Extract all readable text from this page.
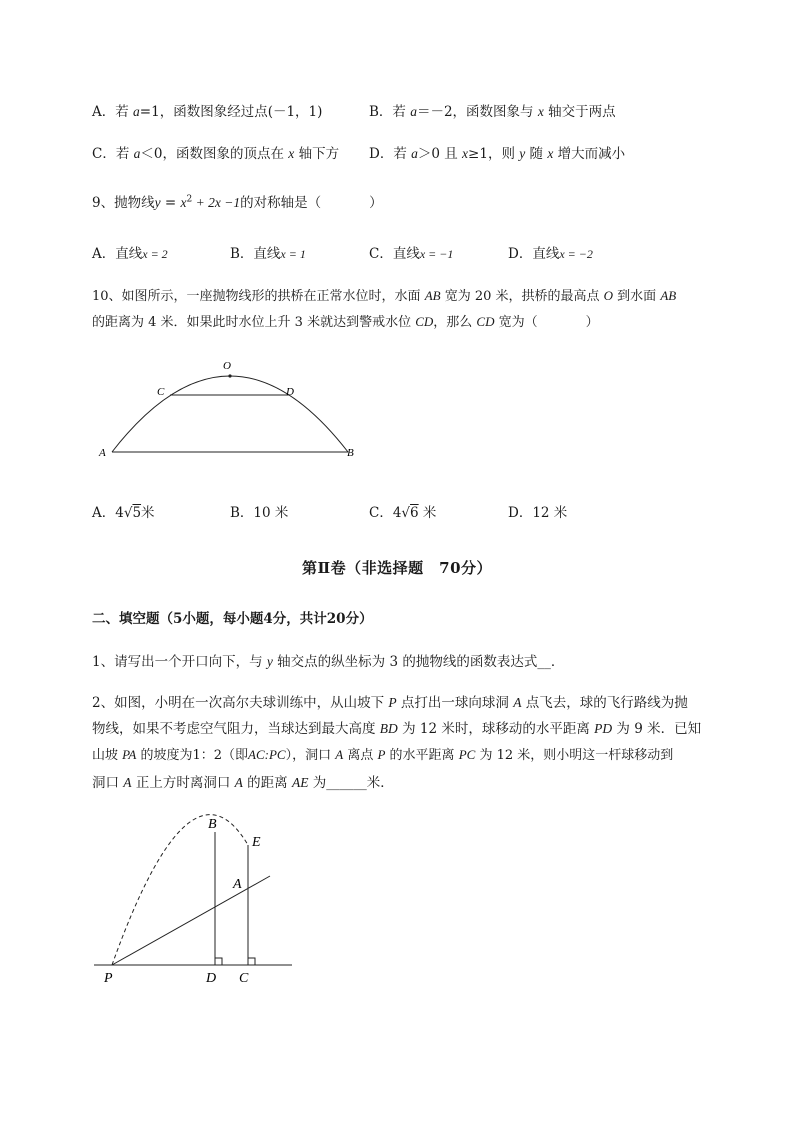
A．若 a=1，函数图象经过点(－1，1)	B．若 a＝－2，函数图象与 x 轴交于两点
C．若 a＜0，函数图象的顶点在 x 轴下方 D．若 a＞0 且 x≥1，则 y 随 x 增大而减小
9、抛物线$y = x^2 + 2x -1$的对称轴是（	）
A．直线x = 2	B．直线x = 1	C．直线x = −1	D．直线x = −2
10、如图所示，一座抛物线形的拱桥在正常水位时，水面 AB 宽为 20 米，拱桥的最高点 O 到水面 AB
的距离为 4 米．如果此时水位上升 3 米就达到警戒水位 CD，那么 CD 宽为（	）
O
C	D
A	B
A．4√5米	B．10 米	C．4√6 米	D．12 米
第Ⅱ卷（非选择题　70分）
二、填空题（5小题，每小题4分，共计20分）
1、请写出一个开口向下，与 y 轴交点的纵坐标为 3 的抛物线的函数表达式__．
2、如图，小明在一次高尔夫球训练中，从山坡下 P 点打出一球向球洞 A 点飞去，球的飞行路线为抛
物线，如果不考虑空气阻力，当球达到最大高度 BD 为 12 米时，球移动的水平距离 PD 为 9 米．已知
山坡 PA 的坡度为1：2（即AC:PC），洞口 A 离点 P 的水平距离 PC 为 12 米，则小明这一杆球移动到
洞口 A 正上方时离洞口 A 的距离 AE 为______米．
B
E
A
P	D C
